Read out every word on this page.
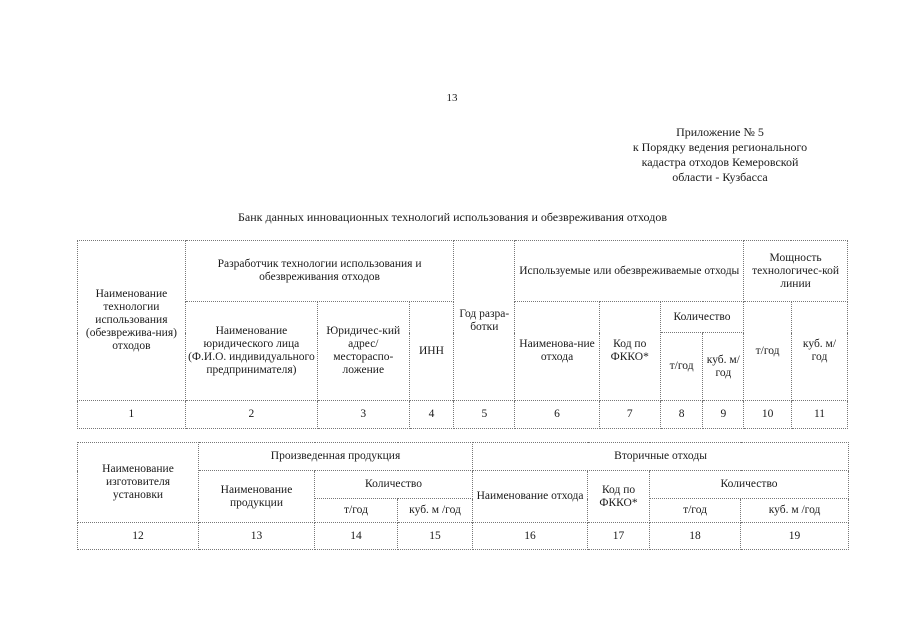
13
Приложение № 5
к Порядку ведения регионального
кадастра отходов Кемеровской
области - Кузбасса
Банк данных инновационных технологий использования и обезвреживания отходов
Наименование технологии использования (обезврежива-ния) отходов	Разработчик технологии использования и обезвреживания отходов			Год разра-ботки	Используемые или обезвреживаемые отходы				Мощность технологичес-кой линии	
	Наименование юридического лица (Ф.И.О. индивидуального предпринимателя)	Юридичес-кий адрес/ местораспо-ложение	ИНН		Наименова-ние отхода	Код по ФККО*	Количество		т/год	куб. м/ год
							т/год	куб. м/ год		
1	2	3	4	5	6	7	8	9	10	11
Наименование изготовителя установки	Произведенная продукция			Вторичные отходы			
	Наименование продукции	Количество		Наименование отхода	Код по ФККО*	Количество	
		т/год	куб. м /год			т/год	куб. м /год
12	13	14	15	16	17	18	19
